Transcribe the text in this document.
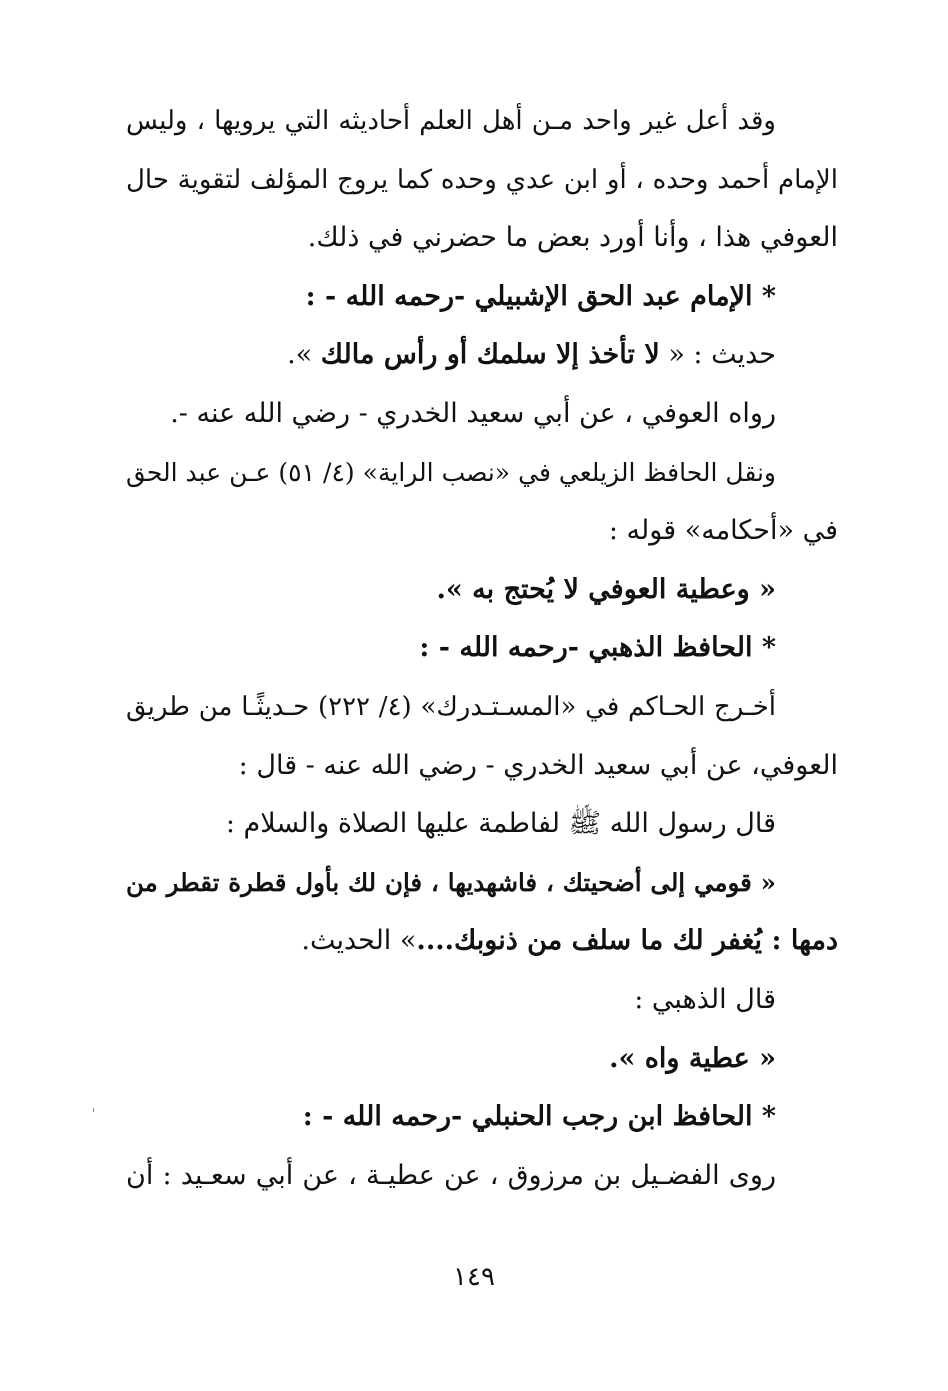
وقد أعل غير واحد مـن أهل العلم أحاديثه التي يرويها ، وليس
الإمام أحمد وحده ، أو ابن عدي وحده كما يروج المؤلف لتقوية حال
العوفي هذا ، وأنا أورد بعض ما حضرني في ذلك.
* الإمام عبد الحق الإشبيلي -رحمه الله - :
حديث : « لا تأخذ إلا سلمك أو رأس مالك ».
رواه العوفي ، عن أبي سعيد الخدري - رضي الله عنه -.
ونقل الحافظ الزيلعي في «نصب الراية» (٤/ ٥١) عـن عبد الحق
في «أحكامه» قوله :
« وعطية العوفي لا يُحتج به ».
* الحافظ الذهبي -رحمه الله - :
أخـرج الحـاكم في «المسـتـدرك» (٤/ ٢٢٢) حـديثًـا من طريق
العوفي، عن أبي سعيد الخدري - رضي الله عنه - قال :
قال رسول الله ﷺ لفاطمة عليها الصلاة والسلام :
« قومي إلى أضحيتك ، فاشهديها ، فإن لك بأول قطرة تقطر من
دمها : يُغفر لك ما سلف من ذنوبك....» الحديث.
قال الذهبي :
« عطية واه ».
* الحافظ ابن رجب الحنبلي -رحمه الله - :
روى الفضـيل بن مرزوق ، عن عطيـة ، عن أبي سعـيد : أن
١٤٩
